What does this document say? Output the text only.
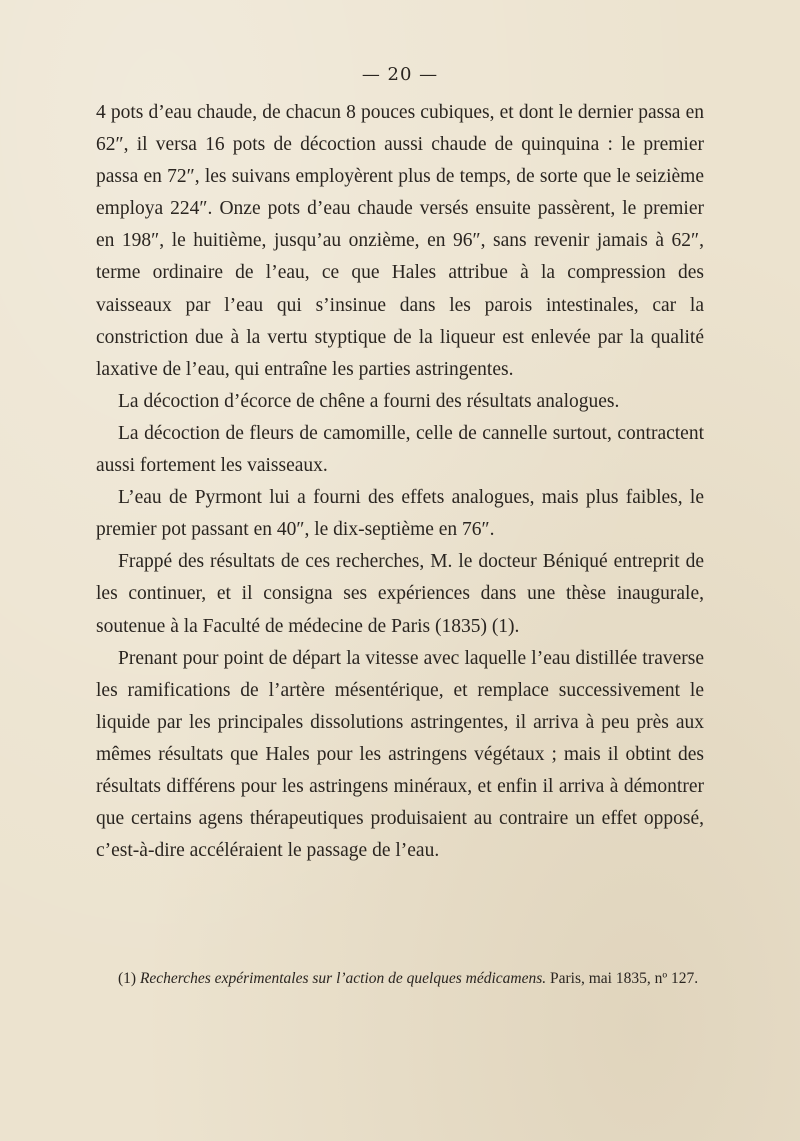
— 20 —

4 pots d’eau chaude, de chacun 8 pouces cubiques, et dont le dernier passa en 62″, il versa 16 pots de décoction aussi chaude de quinquina : le premier passa en 72″, les suivans employèrent plus de temps, de sorte que le seizième employa 224″. Onze pots d’eau chaude versés ensuite passèrent, le premier en 198″, le huitième, jusqu’au onzième, en 96″, sans revenir jamais à 62″, terme ordinaire de l’eau, ce que Hales attribue à la compression des vaisseaux par l’eau qui s’insinue dans les parois intestinales, car la constriction due à la vertu styptique de la liqueur est enlevée par la qualité laxative de l’eau, qui entraîne les parties astringentes.

La décoction d’écorce de chêne a fourni des résultats analogues.

La décoction de fleurs de camomille, celle de cannelle surtout, contractent aussi fortement les vaisseaux.

L’eau de Pyrmont lui a fourni des effets analogues, mais plus faibles, le premier pot passant en 40″, le dix-septième en 76″.

Frappé des résultats de ces recherches, M. le docteur Béniqué entreprit de les continuer, et il consigna ses expériences dans une thèse inaugurale, soutenue à la Faculté de médecine de Paris (1835) (1).

Prenant pour point de départ la vitesse avec laquelle l’eau distillée traverse les ramifications de l’artère mésentérique, et remplace successivement le liquide par les principales dissolutions astringentes, il arriva à peu près aux mêmes résultats que Hales pour les astringens végétaux ; mais il obtint des résultats différens pour les astringens minéraux, et enfin il arriva à démontrer que certains agens thérapeutiques produisaient au contraire un effet opposé, c’est-à-dire accéléraient le passage de l’eau.

(1) Recherches expérimentales sur l’action de quelques médicamens. Paris, mai 1835, nº 127.
